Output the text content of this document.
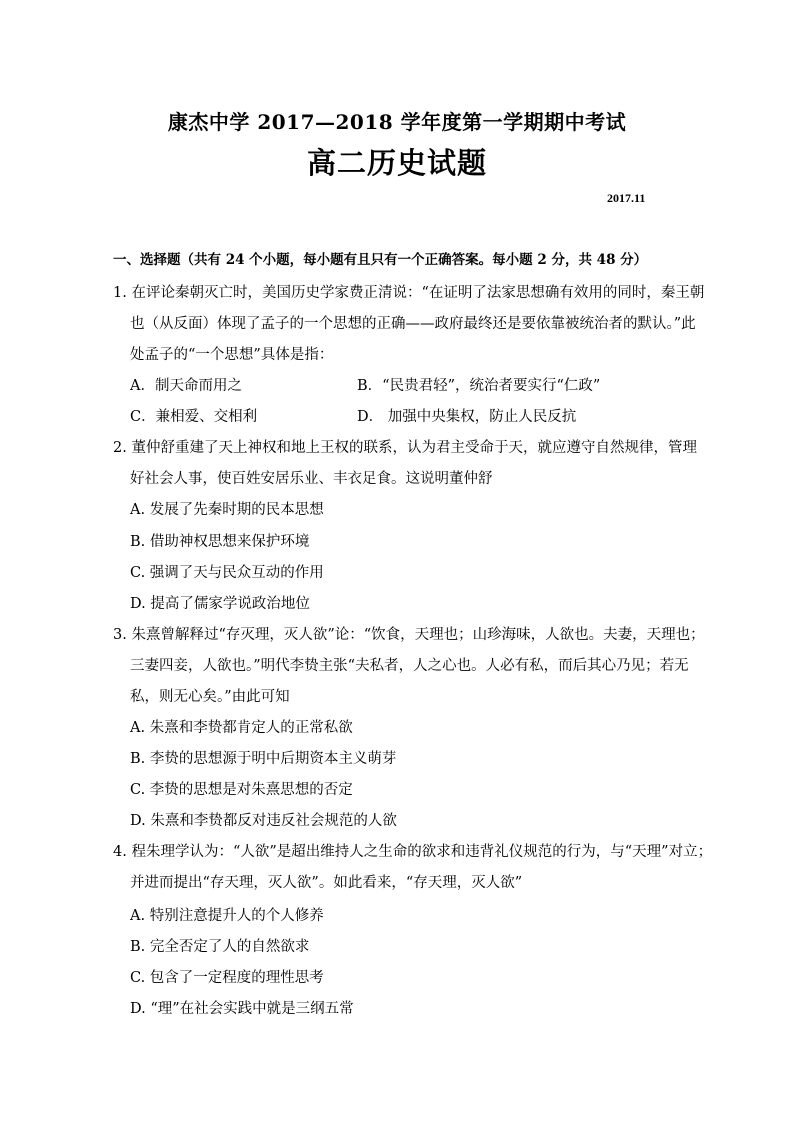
康杰中学 2017—2018 学年度第一学期期中考试
高二历史试题
2017.11
一、选择题（共有 24 个小题，每小题有且只有一个正确答案。每小题 2 分，共 48 分）
1. 在评论秦朝灭亡时，美国历史学家费正清说：“在证明了法家思想确有效用的同时，秦王朝
也（从反面）体现了孟子的一个思想的正确——政府最终还是要依靠被统治者的默认。”此
处孟子的“一个思想”具体是指：
A．制天命而用之	B．“民贵君轻”，统治者要实行“仁政”
C．兼相爱、交相利	D． 加强中央集权，防止人民反抗
2. 董仲舒重建了天上神权和地上王权的联系，认为君主受命于天，就应遵守自然规律，管理
好社会人事，使百姓安居乐业、丰衣足食。这说明董仲舒
A. 发展了先秦时期的民本思想
B. 借助神权思想来保护环境
C. 强调了天与民众互动的作用
D. 提高了儒家学说政治地位
3. 朱熹曾解释过“存灭理，灭人欲”论：“饮食，天理也；山珍海味，人欲也。夫妻，天理也；
三妻四妾，人欲也。”明代李贽主张“夫私者，人之心也。人必有私，而后其心乃见；若无
私，则无心矣。”由此可知
A. 朱熹和李贽都肯定人的正常私欲
B. 李贽的思想源于明中后期资本主义萌芽
C. 李贽的思想是对朱熹思想的否定
D. 朱熹和李贽都反对违反社会规范的人欲
4. 程朱理学认为：“人欲”是超出维持人之生命的欲求和违背礼仪规范的行为，与“天理”对立；
并进而提出“存天理，灭人欲”。如此看来，“存天理，灭人欲”
A. 特别注意提升人的个人修养
B. 完全否定了人的自然欲求
C. 包含了一定程度的理性思考
D. “理”在社会实践中就是三纲五常
